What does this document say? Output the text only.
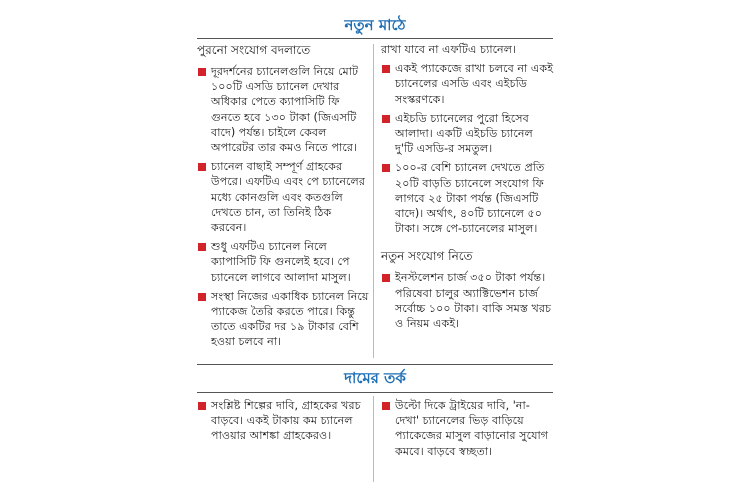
নতুন মাঠে
পুরনো সংযোগ বদলাতে
দূরদর্শনের চ্যানেলগুলি নিয়ে মোট ১০০টি এসডি চ্যানেল দেখার অধিকার পেতে ক্যাপাসিটি ফি গুনতে হবে ১৩০ টাকা (জিএসটি বাদে) পর্যন্ত। চাইলে কেবল অপারেটর তার কমও নিতে পারে।
চ্যানেল বাছাই সম্পূর্ণ গ্রাহকের উপরে। এফটিএ এবং পে চ্যানেলের মধ্যে কোনগুলি এবং কতগুলি দেখতে চান, তা তিনিই ঠিক করবেন।
শুধু এফটিএ চ্যানেল নিলে ক্যাপাসিটি ফি গুনলেই হবে। পে চ্যানেলে লাগবে আলাদা মাসুল।
সংস্থা নিজের একাধিক চ্যানেল নিয়ে প্যাকেজ তৈরি করতে পারে। কিন্তু তাতে একটির দর ১৯ টাকার বেশি হওয়া চলবে না।
রাখা যাবে না এফটিএ চ্যানেল।
একই প্যাকেজে রাখা চলবে না একই চ্যানেলের এসডি এবং এইচডি সংস্করণকে।
এইচডি চ্যানেলের পুরো হিসেব আলাদা। একটি এইচডি চ্যানেল দু'টি এসডি-র সমতুল।
১০০-র বেশি চ্যানেল দেখতে প্রতি ২০টি বাড়তি চ্যানেলে সংযোগ ফি লাগবে ২৫ টাকা পর্যন্ত (জিএসটি বাদে)। অর্থাৎ, ৪০টি চ্যানেলে ৫০ টাকা। সঙ্গে পে-চ্যানেলের মাসুল।
নতুন সংযোগ নিতে
ইনস্টলেশন চার্জ ৩৫০ টাকা পর্যন্ত। পরিষেবা চালুর অ্যাক্টিভেশন চার্জ সর্বোচ্চ ১০০ টাকা। বাকি সমস্ত খরচ ও নিয়ম একই।
দামের তর্ক
সংশ্লিষ্ট শিল্পের দাবি, গ্রাহকের খরচ বাড়বে। একই টাকায় কম চ্যানেল পাওয়ার আশঙ্কা গ্রাহকেরও।
উল্টো দিকে ট্রাইয়ের দাবি, 'না-দেখা' চ্যানেলের ভিড় বাড়িয়ে প্যাকেজের মাসুল বাড়ানোর সুযোগ কমবে। বাড়বে স্বচ্ছতা।
